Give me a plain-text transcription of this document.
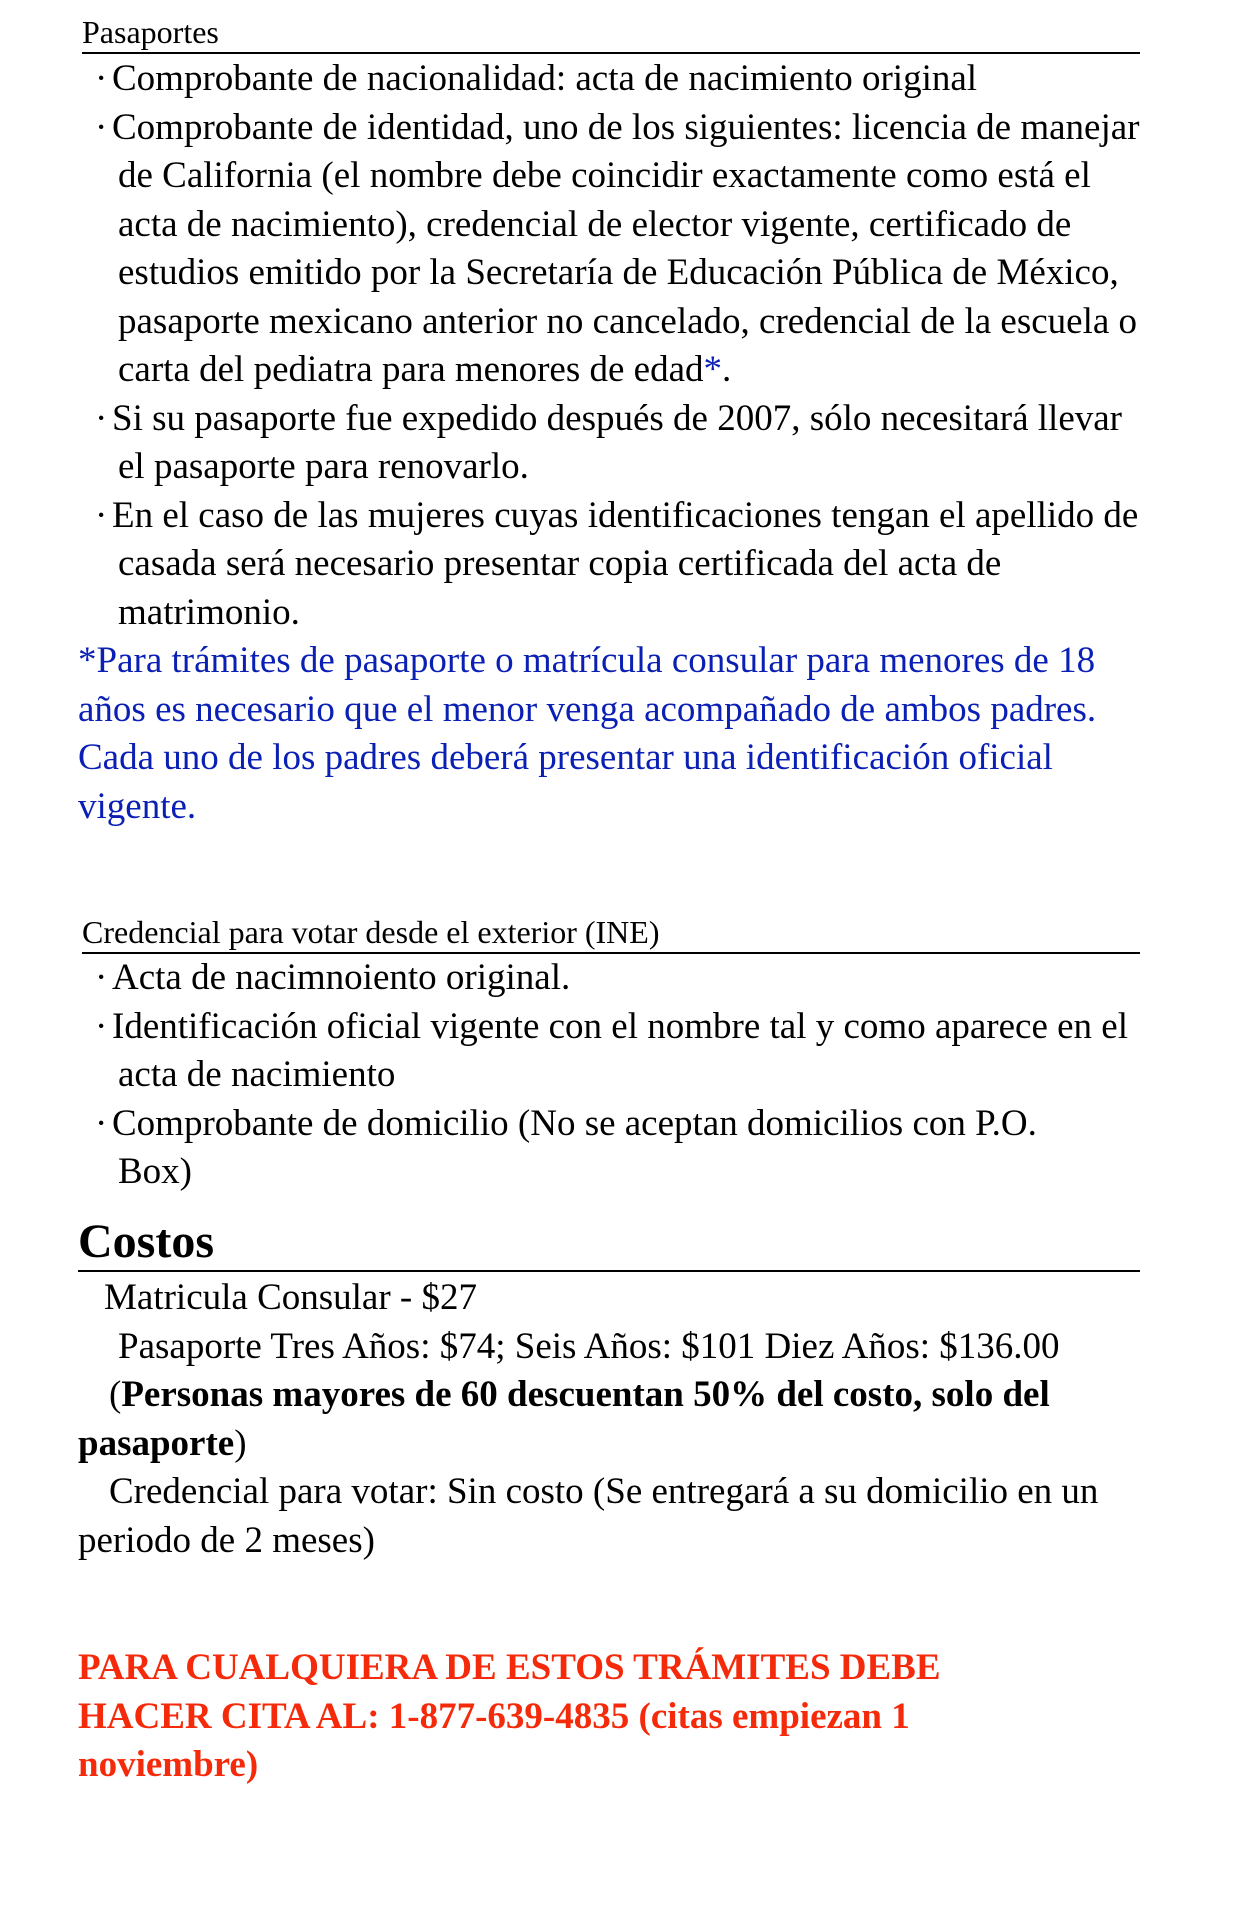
Pasaportes

· Comprobante de nacionalidad: acta de nacimiento original

· Comprobante de identidad, uno de los siguientes: licencia de manejar de California (el nombre debe coincidir exactamente como está el acta de nacimiento), credencial de elector vigente, certificado de estudios emitido por la Secretaría de Educación Pública de México, pasaporte mexicano anterior no cancelado, credencial de la escuela o carta del pediatra para menores de edad*.

· Si su pasaporte fue expedido después de 2007, sólo necesitará llevar el pasaporte para renovarlo.

· En el caso de las mujeres cuyas identificaciones tengan el apellido de casada será necesario presentar copia certificada del acta de matrimonio.

*Para trámites de pasaporte o matrícula consular para menores de 18 años es necesario que el menor venga acompañado de ambos padres. Cada uno de los padres deberá presentar una identificación oficial vigente.

Credencial para votar desde el exterior (INE)

· Acta de nacimnoiento original.

· Identificación oficial vigente con el nombre tal y como aparece en el acta de nacimiento

· Comprobante de domicilio (No se aceptan domicilios con P.O. Box)

Costos

Matricula Consular - $27

Pasaporte Tres Años: $74; Seis Años: $101 Diez Años: $136.00

(Personas mayores de 60 descuentan 50% del costo, solo del pasaporte)

Credencial para votar: Sin costo (Se entregará a su domicilio en un periodo de 2 meses)

PARA CUALQUIERA DE ESTOS TRÁMITES DEBE HACER CITA AL: 1-877-639-4835 (citas empiezan 1 noviembre)
